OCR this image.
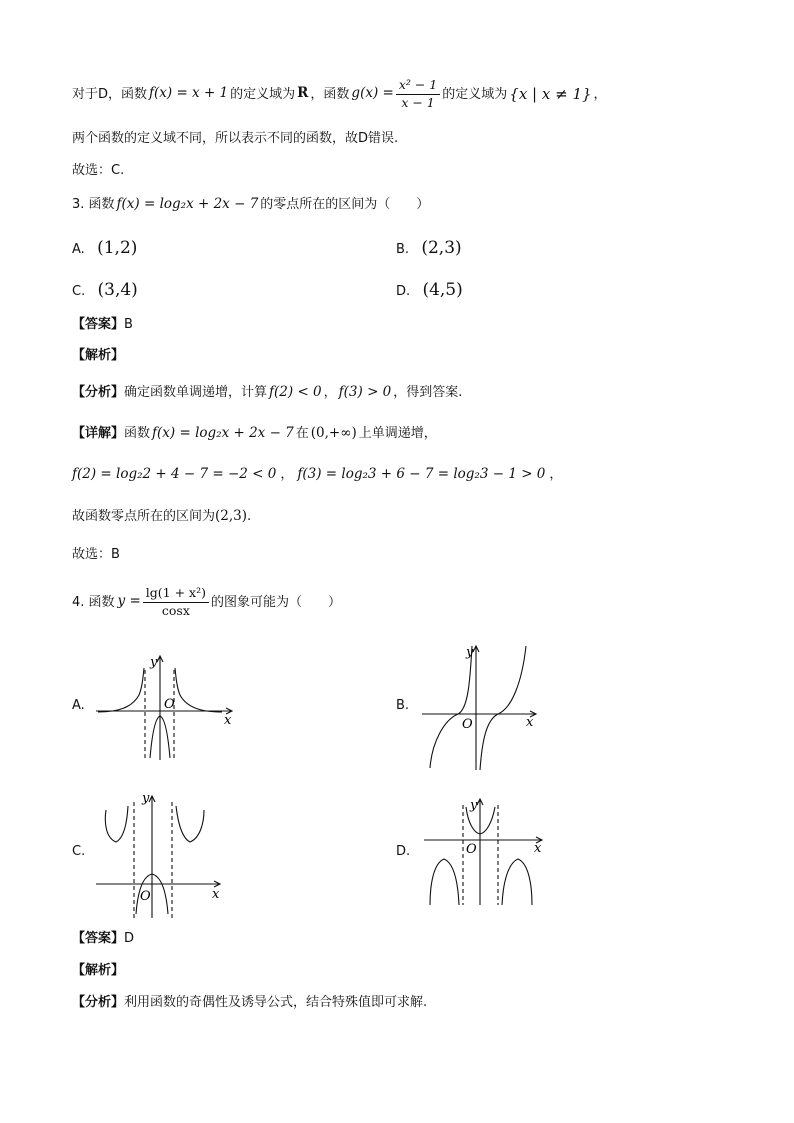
对于D，函数 f(x) = x + 1 的定义域为 R ，函数 $g(x) = \frac{\text{x² − 1}}{x - 1}$ 的定义域为 {x | x ≠ 1} ，
两个函数的定义域不同，所以表示不同的函数，故D错误.
故选：C.
3. 函数 f(x) = log₂x + 2x − 7 的零点所在的区间为（　　）
A. (1,2)	B. (2,3)
C. (3,4)	D. (4,5)
【答案】B
【解析】
【分析】 确定函数单调递增，计算 f(2) < 0 ， f(3) > 0 ，得到答案.
【详解】 函数 f(x) = log₂x + 2x − 7 在 (0,+∞) 上单调递增，
f(2) = log₂2 + 4 − 7 = −2 < 0 ， f(3) = log₂3 + 6 − 7 = log₂3 − 1 > 0 ，
故函数零点所在的区间为 (2,3) .
故选：B
4. 函数 $y = \frac{\text{lg(1 + x²)}}{\cos x}$ 的图象可能为（　　）
A.	B.
C.	D.
y
O
x
y
O	x
y
O	x
y
O	x
【答案】D
【解析】
【分析】利用函数的奇偶性及诱导公式，结合特殊值即可求解.
